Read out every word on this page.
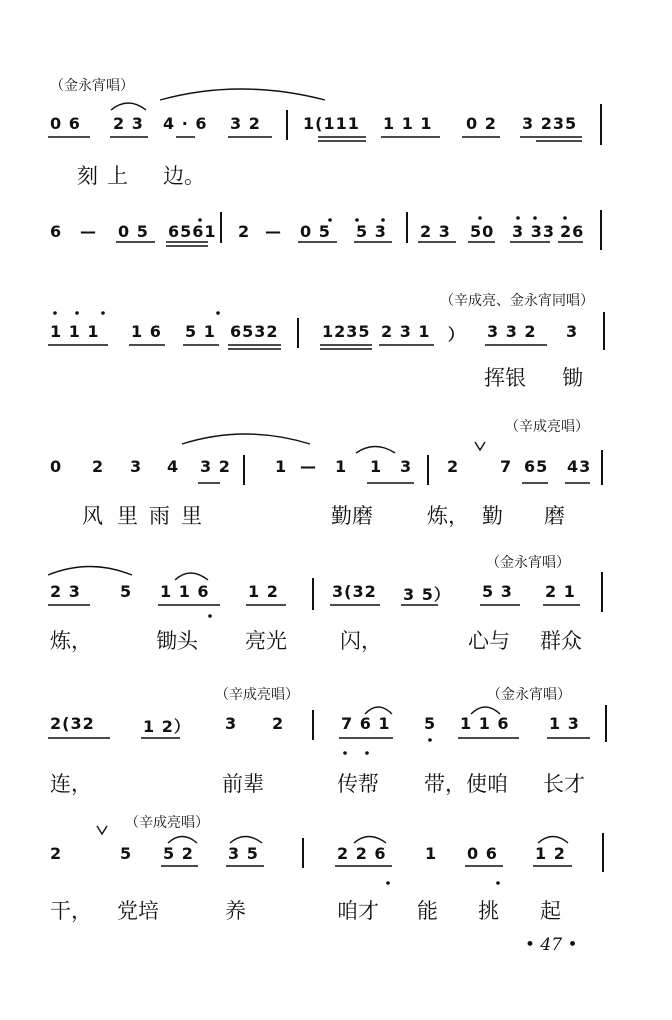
（金永宵唱）
0 6 2 3 4 · 6 3 2	1(111 1 1 1 0 2 3 235
刻 上 边。
6 — 0 5 6561 2 — 0 5 5 3 2 3 50 3 33 26
（辛成亮、金永宵同唱）
1 1 1 1 6 5 1 6532	1235 2 3 1 ） 3 3 2 3
挥银 锄
（辛成亮唱）
0 2 3 4 3 2	1 — 1 1 3 2	7 65 43
风 里 雨 里	勤磨	炼， 勤 磨
（金永宵唱）
2 3 5 1 1 6 1 2	3(32 3 5） 5 3 2 1
炼，	锄头 亮光	闪，	心与 群众
（辛成亮唱）	（金永宵唱）
2(32	1 2） 3 2	7 6 1 5 1 1 6 1 3
连，	前辈	传帮 带，使咱 长才
（辛成亮唱）
2	5 5 2 3 5	2 2 6 1 0 6 1 2
干， 党培	养	咱才 能 挑 起
• 47 •
